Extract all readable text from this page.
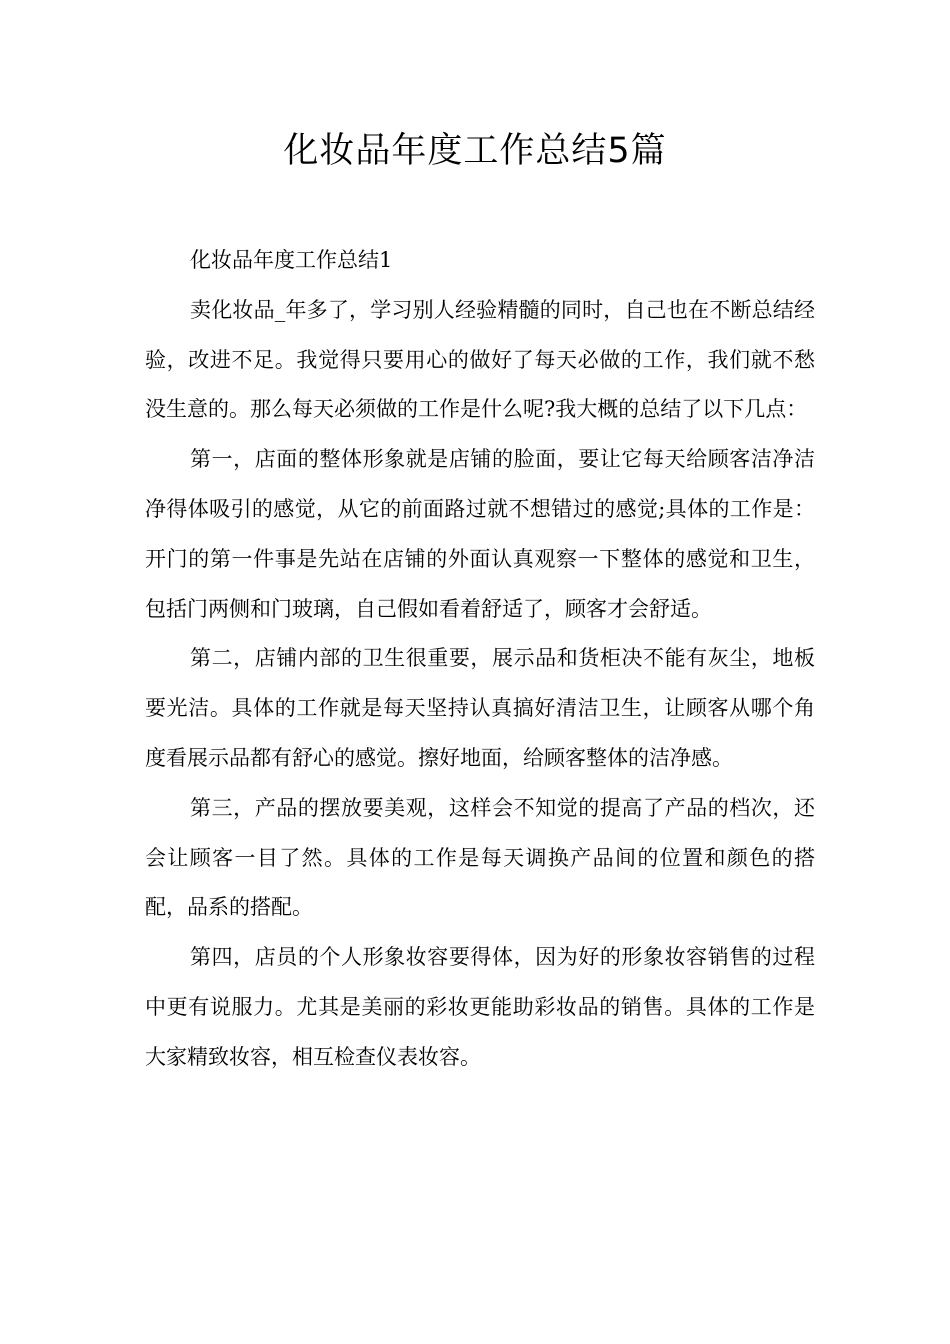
化妆品年度工作总结5篇

化妆品年度工作总结1

卖化妆品_年多了，学习别人经验精髓的同时，自己也在不断总结经验，改进不足。我觉得只要用心的做好了每天必做的工作，我们就不愁没生意的。那么每天必须做的工作是什么呢?我大概的总结了以下几点：

第一，店面的整体形象就是店铺的脸面，要让它每天给顾客洁净洁净得体吸引的感觉，从它的前面路过就不想错过的感觉;具体的工作是：开门的第一件事是先站在店铺的外面认真观察一下整体的感觉和卫生，包括门两侧和门玻璃，自己假如看着舒适了，顾客才会舒适。

第二，店铺内部的卫生很重要，展示品和货柜决不能有灰尘，地板要光洁。具体的工作就是每天坚持认真搞好清洁卫生，让顾客从哪个角度看展示品都有舒心的感觉。擦好地面，给顾客整体的洁净感。

第三，产品的摆放要美观，这样会不知觉的提高了产品的档次，还会让顾客一目了然。具体的工作是每天调换产品间的位置和颜色的搭配，品系的搭配。

第四，店员的个人形象妆容要得体，因为好的形象妆容销售的过程中更有说服力。尤其是美丽的彩妆更能助彩妆品的销售。具体的工作是大家精致妆容，相互检查仪表妆容。
